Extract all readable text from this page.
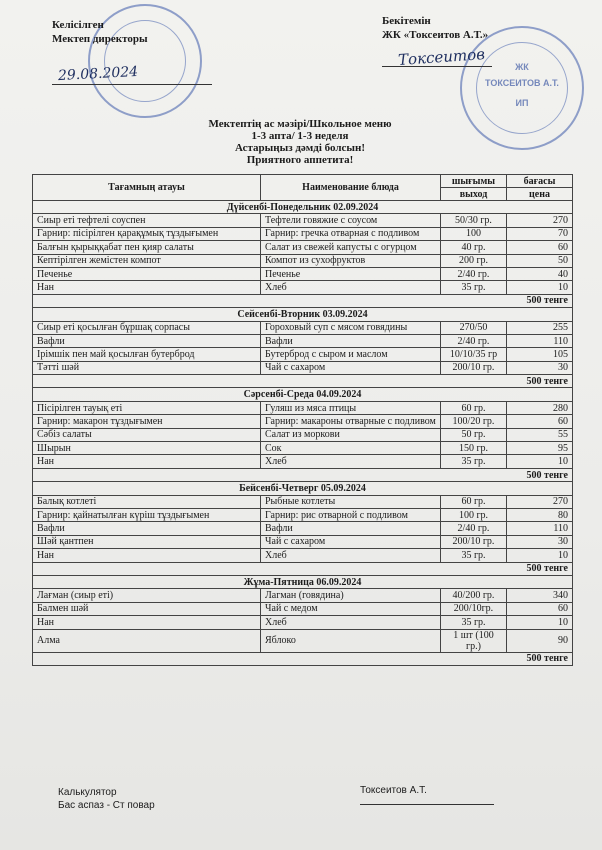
ЖК
ТОКСЕИТОВ А.Т.
ИП
Келісілген
Мектеп директоры
29.08.2024
Бекітемін
ЖК «Токсеитов А.Т.»
Токсеитов
Мектептің ас мәзірі/Школьное меню
1-3 апта/ 1-3 неделя
Астарыңыз дәмді болсын!
Приятного аппетита!
Тағамның атауы	Наименование блюда	шығымы	бағасы
		выход	цена
Дүйсенбі-Понедельник 02.09.2024			
Сиыр еті тефтелі соуспен	Тефтели говяжие с соусом	50/30 гр.	270
Гарнир: пісірілген қарақұмық тұздығымен	Гарнир: гречка отварная с подливом	100	70
Балғын қырыққабат пен қияр салаты	Салат из свежей капусты с огурцом	40 гр.	60
Кептірілген жемістен компот	Компот из сухофруктов	200 гр.	50
Печенье	Печенье	2/40 гр.	40
Нан	Хлеб	35 гр.	10
500 тенге			
Сейсенбі-Вторник 03.09.2024			
Сиыр еті қосылған бұршақ сорпасы	Гороховый суп с мясом говядины	270/50	255
Вафли	Вафли	2/40 гр.	110
Ірімшік пен май қосылған бутерброд	Бутерброд с сыром и маслом	10/10/35 гр	105
Тәтті шәй	Чай с сахаром	200/10 гр.	30
500 тенге			
Сәрсенбі-Среда 04.09.2024			
Пісірілген тауық еті	Гуляш из мяса птицы	60 гр.	280
Гарнир: макарон тұздығымен	Гарнир: макароны отварные с подливом	100/20 гр.	60
Сәбіз салаты	Салат из моркови	50 гр.	55
Шырын	Сок	150 гр.	95
Нан	Хлеб	35 гр.	10
500 тенге			
Бейсенбі-Четверг 05.09.2024			
Балық котлеті	Рыбные котлеты	60 гр.	270
Гарнир: қайнатылған күріш тұздығымен	Гарнир: рис отварной с подливом	100 гр.	80
Вафли	Вафли	2/40 гр.	110
Шәй қантпен	Чай с сахаром	200/10 гр.	30
Нан	Хлеб	35 гр.	10
500 тенге			
Жұма-Пятница 06.09.2024			
Лағман (сиыр еті)	Лагман (говядина)	40/200 гр.	340
Балмен шәй	Чай с медом	200/10гр.	60
Нан	Хлеб	35 гр.	10
Алма	Яблоко	1 шт (100 гр.)	90
500 тенге			
Калькулятор
Бас аспаз - Ст повар
Токсеитов А.Т.
